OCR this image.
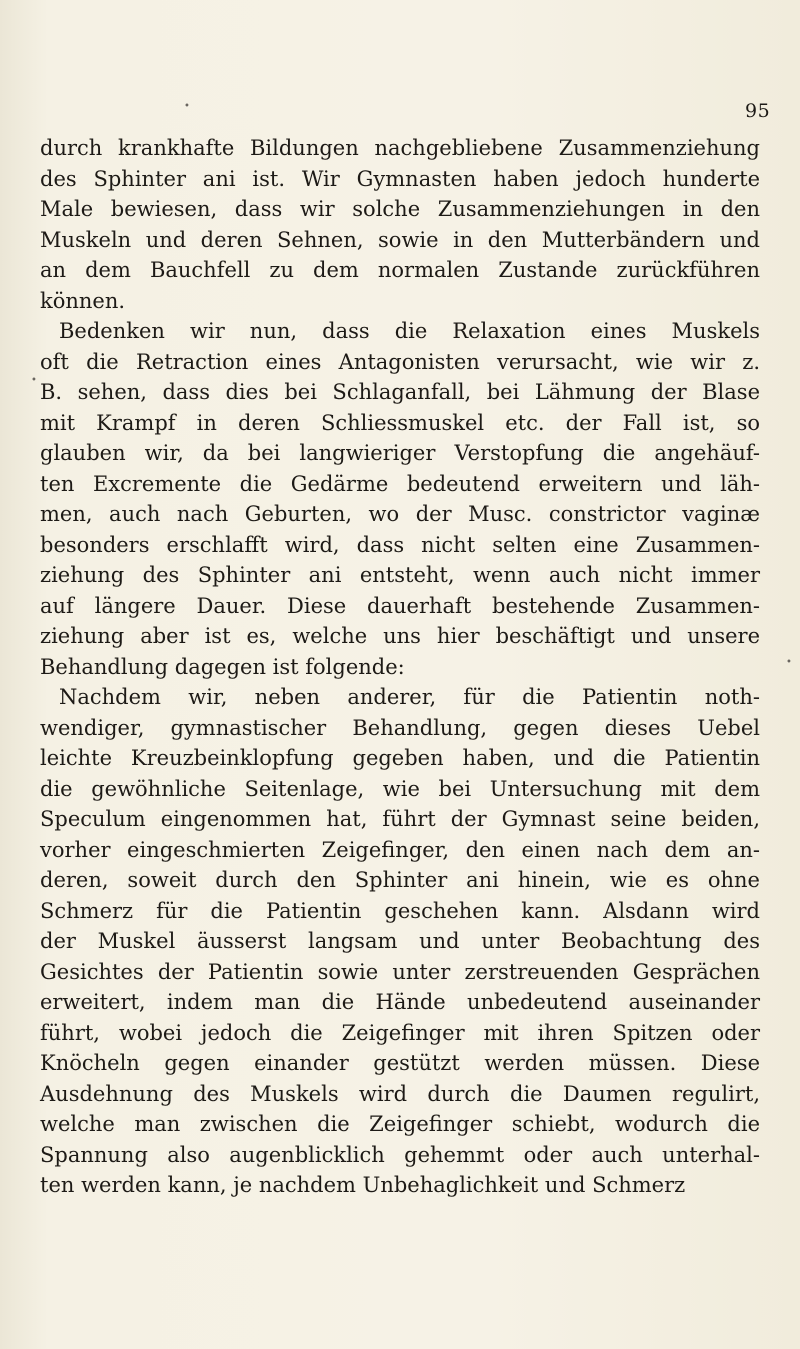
•
•
•
95
durch krankhafte Bildungen nachgebliebene Zusammenziehung
des Sphinter ani ist. Wir Gymnasten haben jedoch hunderte
Male bewiesen, dass wir solche Zusammenziehungen in den
Muskeln und deren Sehnen, sowie in den Mutterbändern und
an dem Bauchfell zu dem normalen Zustande zurückführen
können.
Bedenken wir nun, dass die Relaxation eines Muskels
oft die Retraction eines Antagonisten verursacht, wie wir z.
B. sehen, dass dies bei Schlaganfall, bei Lähmung der Blase
mit Krampf in deren Schliessmuskel etc. der Fall ist, so
glauben wir, da bei langwieriger Verstopfung die angehäuf-
ten Excremente die Gedärme bedeutend erweitern und läh-
men, auch nach Geburten, wo der Musc. constrictor vaginæ
besonders erschlafft wird, dass nicht selten eine Zusammen-
ziehung des Sphinter ani entsteht, wenn auch nicht immer
auf längere Dauer. Diese dauerhaft bestehende Zusammen-
ziehung aber ist es, welche uns hier beschäftigt und unsere
Behandlung dagegen ist folgende:
Nachdem wir, neben anderer, für die Patientin noth-
wendiger, gymnastischer Behandlung, gegen dieses Uebel
leichte Kreuzbeinklopfung gegeben haben, und die Patientin
die gewöhnliche Seitenlage, wie bei Untersuchung mit dem
Speculum eingenommen hat, führt der Gymnast seine beiden,
vorher eingeschmierten Zeigefinger, den einen nach dem an-
deren, soweit durch den Sphinter ani hinein, wie es ohne
Schmerz für die Patientin geschehen kann. Alsdann wird
der Muskel äusserst langsam und unter Beobachtung des
Gesichtes der Patientin sowie unter zerstreuenden Gesprächen
erweitert, indem man die Hände unbedeutend auseinander
führt, wobei jedoch die Zeigefinger mit ihren Spitzen oder
Knöcheln gegen einander gestützt werden müssen. Diese
Ausdehnung des Muskels wird durch die Daumen regulirt,
welche man zwischen die Zeigefinger schiebt, wodurch die
Spannung also augenblicklich gehemmt oder auch unterhal-
ten werden kann, je nachdem Unbehaglichkeit und Schmerz
